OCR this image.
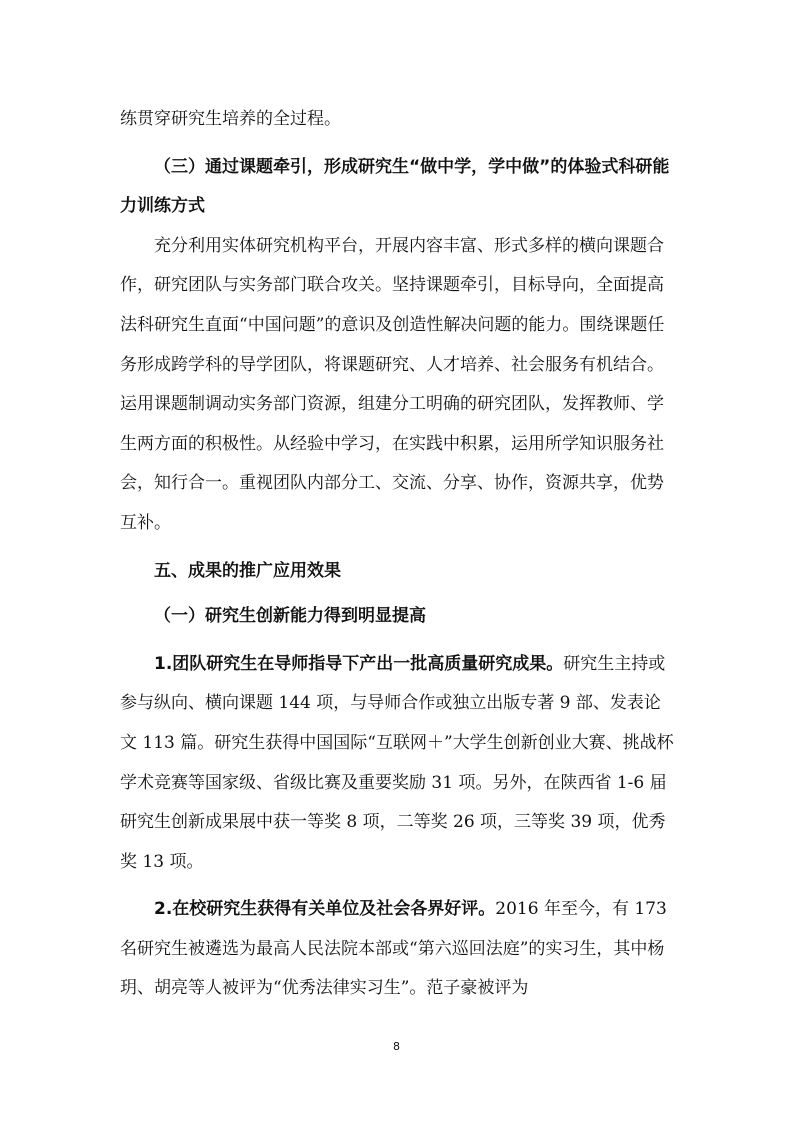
练贯穿研究生培养的全过程。

（三）通过课题牵引，形成研究生“做中学，学中做”的体验式科研能力训练方式

充分利用实体研究机构平台，开展内容丰富、形式多样的横向课题合作，研究团队与实务部门联合攻关。坚持课题牵引，目标导向，全面提高法科研究生直面“中国问题”的意识及创造性解决问题的能力。围绕课题任务形成跨学科的导学团队，将课题研究、人才培养、社会服务有机结合。运用课题制调动实务部门资源，组建分工明确的研究团队，发挥教师、学生两方面的积极性。从经验中学习，在实践中积累，运用所学知识服务社会，知行合一。重视团队内部分工、交流、分享、协作，资源共享，优势互补。

五、成果的推广应用效果

（一）研究生创新能力得到明显提高

1.团队研究生在导师指导下产出一批高质量研究成果。研究生主持或参与纵向、横向课题 144 项，与导师合作或独立出版专著 9 部、发表论文 113 篇。研究生获得中国国际“互联网＋”大学生创新创业大赛、挑战杯学术竞赛等国家级、省级比赛及重要奖励 31 项。另外，在陕西省 1-6 届研究生创新成果展中获一等奖 8 项，二等奖 26 项，三等奖 39 项，优秀奖 13 项。

2.在校研究生获得有关单位及社会各界好评。2016 年至今，有 173 名研究生被遴选为最高人民法院本部或“第六巡回法庭”的实习生，其中杨玥、胡亮等人被评为“优秀法律实习生”。范子豪被评为

8
